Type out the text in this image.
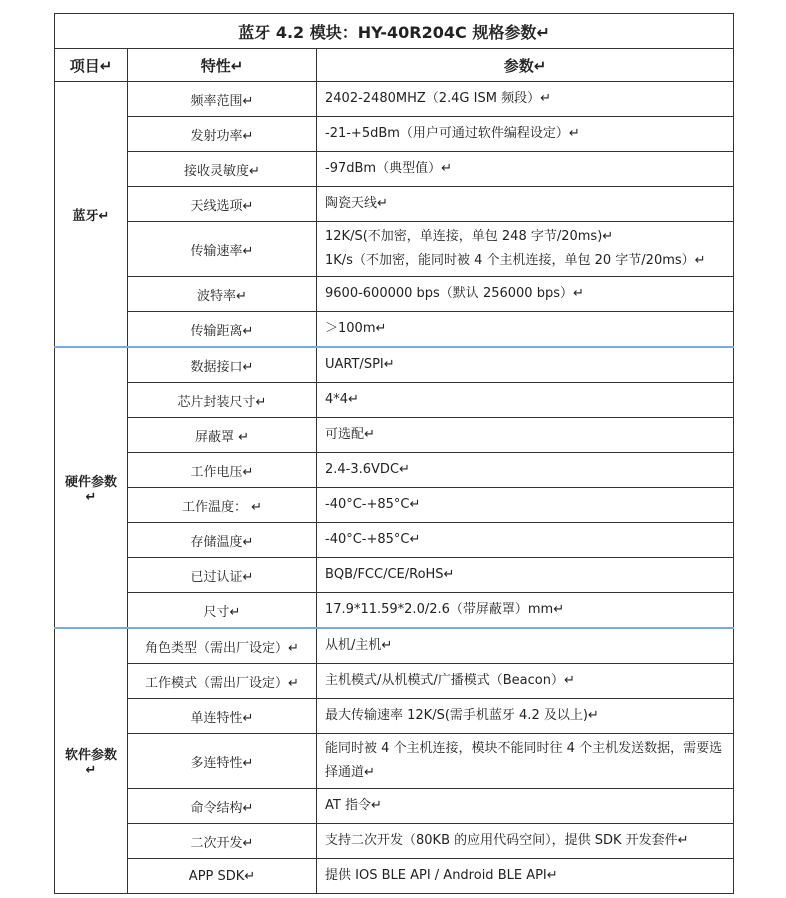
蓝牙 4.2 模块：HY-40R204C 规格参数↵		
项目↵	特性↵	参数↵
蓝牙↵	频率范围↵	2402-2480MHZ（2.4G ISM 频段）↵

	发射功率↵	-21-+5dBm（用户可通过软件编程设定）↵

	接收灵敏度↵	-97dBm（典型值）↵

	天线选项↵	陶瓷天线↵

	传输速率↵	12K/S(不加密，单连接，单包 248 字节/20ms)↵
1K/s（不加密，能同时被 4 个主机连接，单包 20 字节/20ms）↵

	波特率↵	9600-600000 bps（默认 256000 bps）↵

	传输距离↵	＞100m↵

硬件参数↵	数据接口↵	UART/SPI↵

	芯片封装尺寸↵	4*4↵

	屏蔽罩 ↵	可选配↵

	工作电压↵	2.4-3.6VDC↵

	工作温度： ↵	-40°C-+85°C↵

	存储温度↵	-40°C-+85°C↵

	已过认证↵	BQB/FCC/CE/RoHS↵

	尺寸↵	17.9*11.59*2.0/2.6（带屏蔽罩）mm↵

软件参数↵	角色类型（需出厂设定）↵	从机/主机↵

	工作模式（需出厂设定）↵	主机模式/从机模式/广播模式（Beacon）↵

	单连特性↵	最大传输速率 12K/S(需手机蓝牙 4.2 及以上)↵

	多连特性↵	能同时被 4 个主机连接，模块不能同时往 4 个主机发送数据，需要选择通道↵

	命令结构↵	AT 指令↵

	二次开发↵	支持二次开发（80KB 的应用代码空间），提供 SDK 开发套件↵

	APP SDK↵	提供 IOS BLE API / Android BLE API↵
